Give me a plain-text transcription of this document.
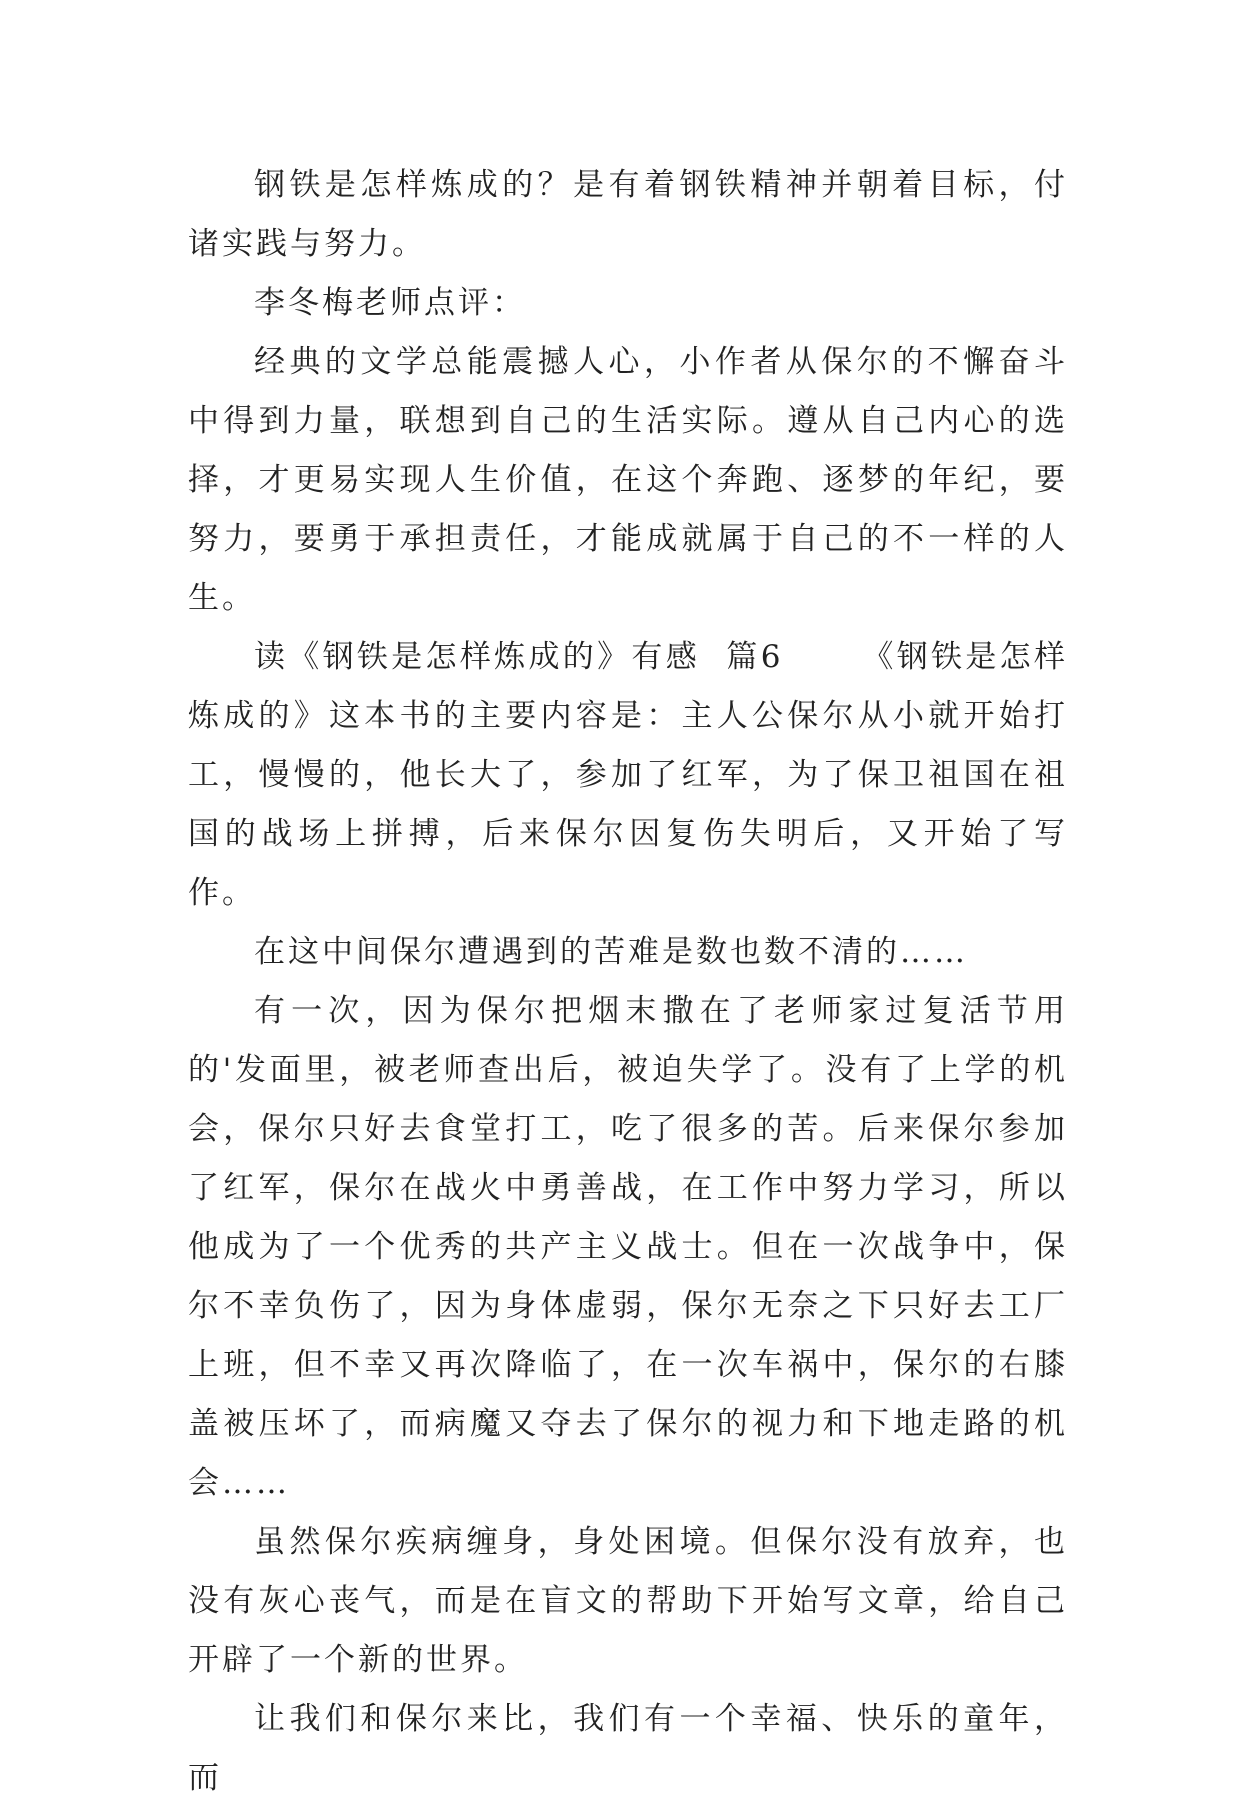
钢铁是怎样炼成的？是有着钢铁精神并朝着目标，付诸实践与努力。

李冬梅老师点评：

经典的文学总能震撼人心，小作者从保尔的不懈奋斗中得到力量，联想到自己的生活实际。遵从自己内心的选择，才更易实现人生价值，在这个奔跑、逐梦的年纪，要努力，要勇于承担责任，才能成就属于自己的不一样的人生。

读《钢铁是怎样炼成的》有感  篇6      《钢铁是怎样炼成的》这本书的主要内容是：主人公保尔从小就开始打工，慢慢的，他长大了，参加了红军，为了保卫祖国在祖国的战场上拼搏，后来保尔因复伤失明后，又开始了写作。

在这中间保尔遭遇到的苦难是数也数不清的……

有一次，因为保尔把烟末撒在了老师家过复活节用的'发面里，被老师查出后，被迫失学了。没有了上学的机会，保尔只好去食堂打工，吃了很多的苦。后来保尔参加了红军，保尔在战火中勇善战，在工作中努力学习，所以他成为了一个优秀的共产主义战士。但在一次战争中，保尔不幸负伤了，因为身体虚弱，保尔无奈之下只好去工厂上班，但不幸又再次降临了，在一次车祸中，保尔的右膝盖被压坏了，而病魔又夺去了保尔的视力和下地走路的机会……

虽然保尔疾病缠身，身处困境。但保尔没有放弃，也没有灰心丧气，而是在盲文的帮助下开始写文章，给自己开辟了一个新的世界。

让我们和保尔来比，我们有一个幸福、快乐的童年，而
